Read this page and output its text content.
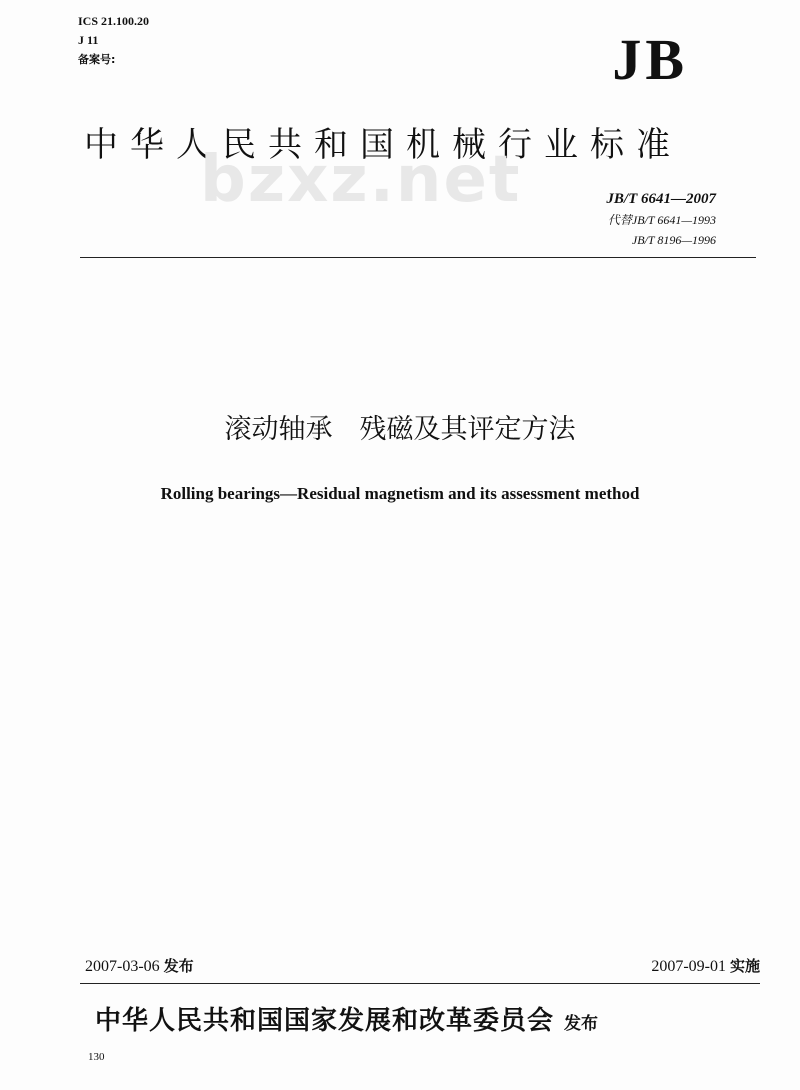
ICS 21.100.20
J 11
备案号:	JB
中华人民共和国机械行业标准
bzxz.net	JB/T 6641—2007
代替JB/T 6641—1993
JB/T 8196—1996
滚动轴承　残磁及其评定方法
Rolling bearings—Residual magnetism and its assessment method
2007-03-06 发布	2007-09-01 实施
中华人民共和国国家发展和改革委员会 发布
130
